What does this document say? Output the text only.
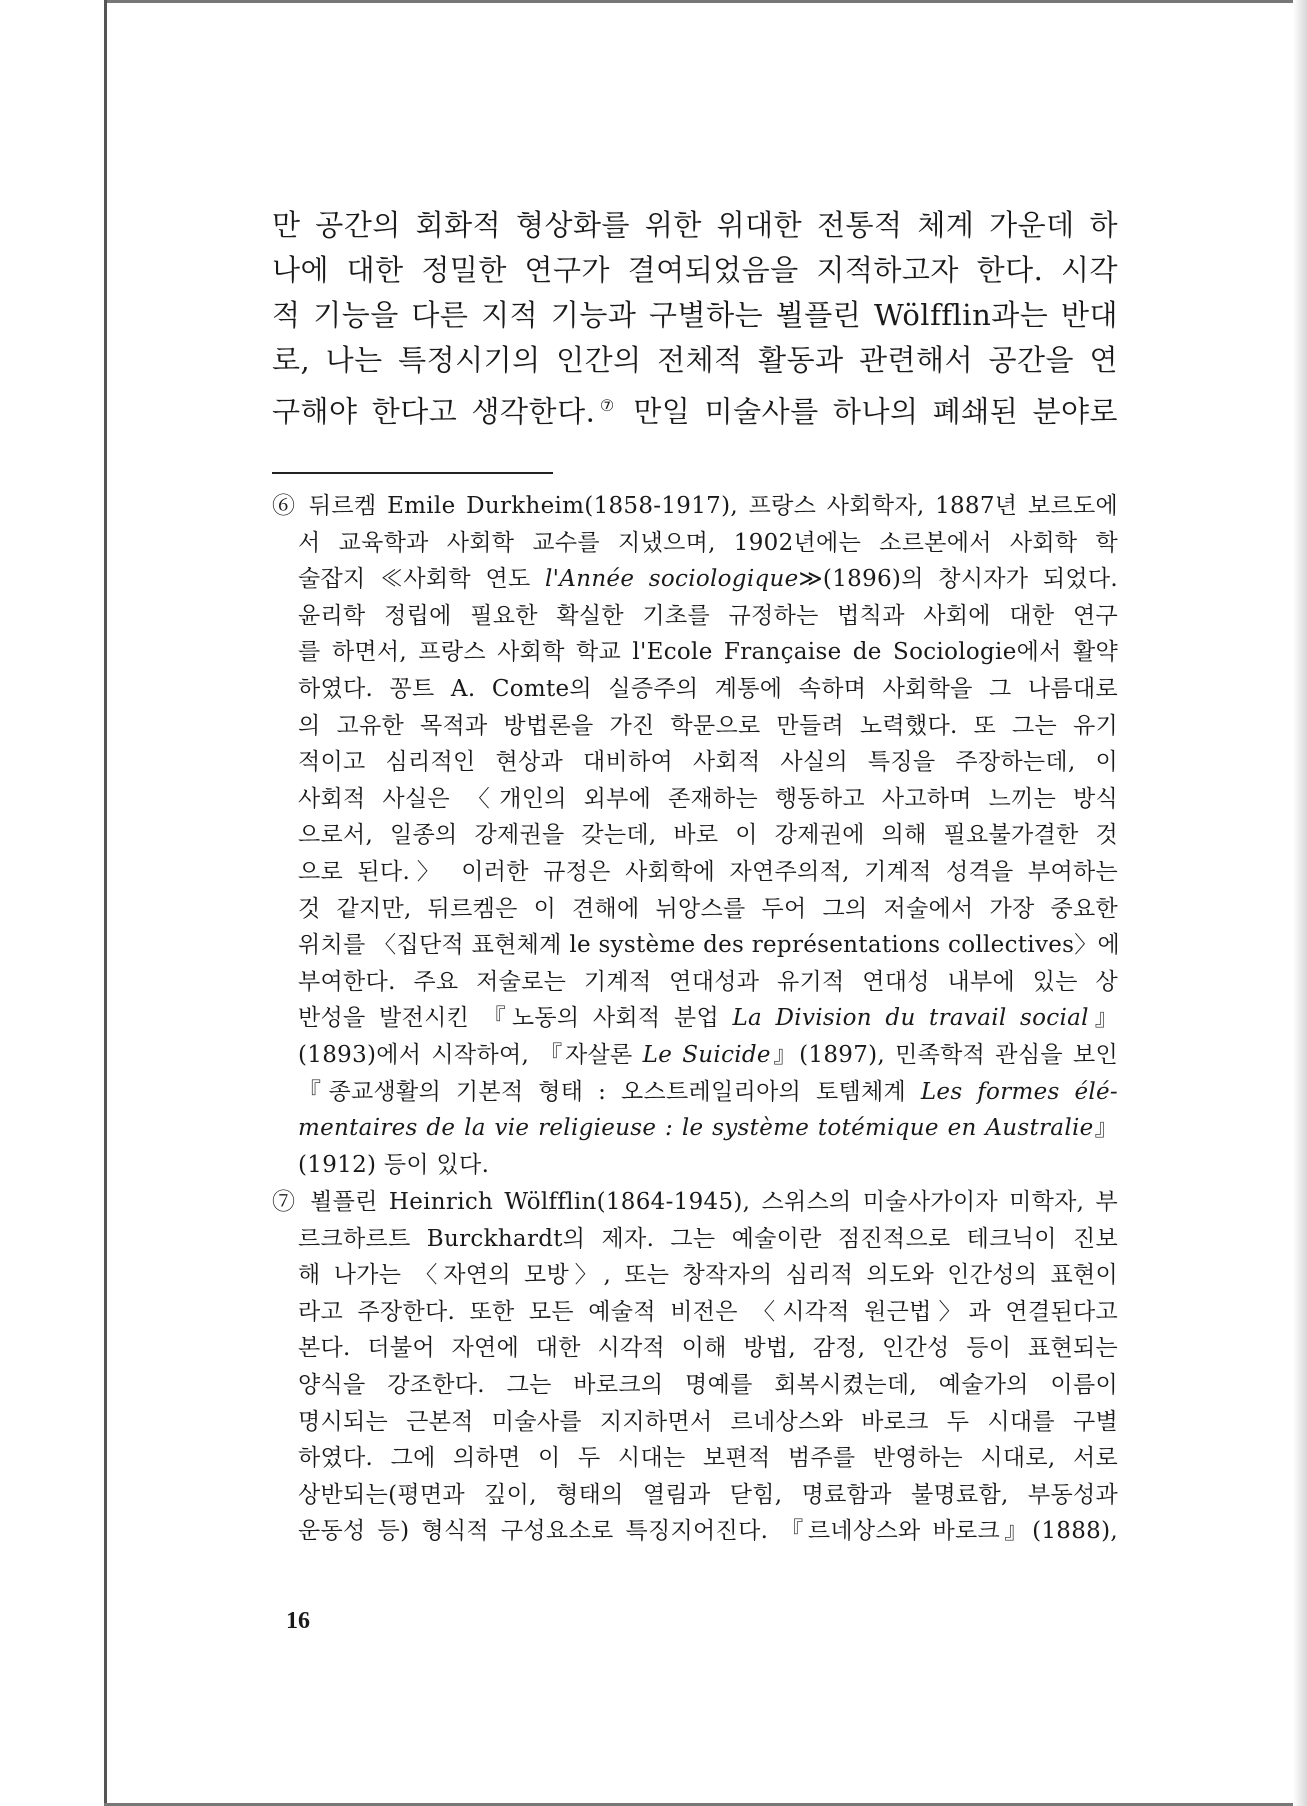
만 공간의 회화적 형상화를 위한 위대한 전통적 체계 가운데 하
나에 대한 정밀한 연구가 결여되었음을 지적하고자 한다. 시각
적 기능을 다른 지적 기능과 구별하는 뵐플린 Wölfflin과는 반대
로, 나는 특정시기의 인간의 전체적 활동과 관련해서 공간을 연
구해야 한다고 생각한다.⑦ 만일 미술사를 하나의 폐쇄된 분야로
⑥ 뒤르켐 Emile Durkheim(1858-1917), 프랑스 사회학자, 1887년 보르도에
서 교육학과 사회학 교수를 지냈으며, 1902년에는 소르본에서 사회학 학
술잡지 ≪사회학 연도 l'Année sociologique≫(1896)의 창시자가 되었다.
윤리학 정립에 필요한 확실한 기초를 규정하는 법칙과 사회에 대한 연구
를 하면서, 프랑스 사회학 학교 l'Ecole Française de Sociologie에서 활약
하였다. 꽁트 A. Comte의 실증주의 계통에 속하며 사회학을 그 나름대로
의 고유한 목적과 방법론을 가진 학문으로 만들려 노력했다. 또 그는 유기
적이고 심리적인 현상과 대비하여 사회적 사실의 특징을 주장하는데, 이
사회적 사실은 〈개인의 외부에 존재하는 행동하고 사고하며 느끼는 방식
으로서, 일종의 강제권을 갖는데, 바로 이 강제권에 의해 필요불가결한 것
으로 된다.〉 이러한 규정은 사회학에 자연주의적, 기계적 성격을 부여하는
것 같지만, 뒤르켐은 이 견해에 뉘앙스를 두어 그의 저술에서 가장 중요한
위치를 〈집단적 표현체계 le système des représentations collectives〉에
부여한다. 주요 저술로는 기계적 연대성과 유기적 연대성 내부에 있는 상
반성을 발전시킨 『노동의 사회적 분업 La Division du travail social』
(1893)에서 시작하여, 『자살론 Le Suicide』(1897), 민족학적 관심을 보인
『종교생활의 기본적 형태 : 오스트레일리아의 토템체계 Les formes élé-
mentaires de la vie religieuse : le système totémique en Australie』
(1912) 등이 있다.
⑦ 뵐플린 Heinrich Wölfflin(1864-1945), 스위스의 미술사가이자 미학자, 부
르크하르트 Burckhardt의 제자. 그는 예술이란 점진적으로 테크닉이 진보
해 나가는 〈자연의 모방〉, 또는 창작자의 심리적 의도와 인간성의 표현이
라고 주장한다. 또한 모든 예술적 비전은 〈시각적 원근법〉과 연결된다고
본다. 더불어 자연에 대한 시각적 이해 방법, 감정, 인간성 등이 표현되는
양식을 강조한다. 그는 바로크의 명예를 회복시켰는데, 예술가의 이름이
명시되는 근본적 미술사를 지지하면서 르네상스와 바로크 두 시대를 구별
하였다. 그에 의하면 이 두 시대는 보편적 범주를 반영하는 시대로, 서로
상반되는(평면과 깊이, 형태의 열림과 닫힘, 명료함과 불명료함, 부동성과
운동성 등) 형식적 구성요소로 특징지어진다. 『르네상스와 바로크』(1888),
16
